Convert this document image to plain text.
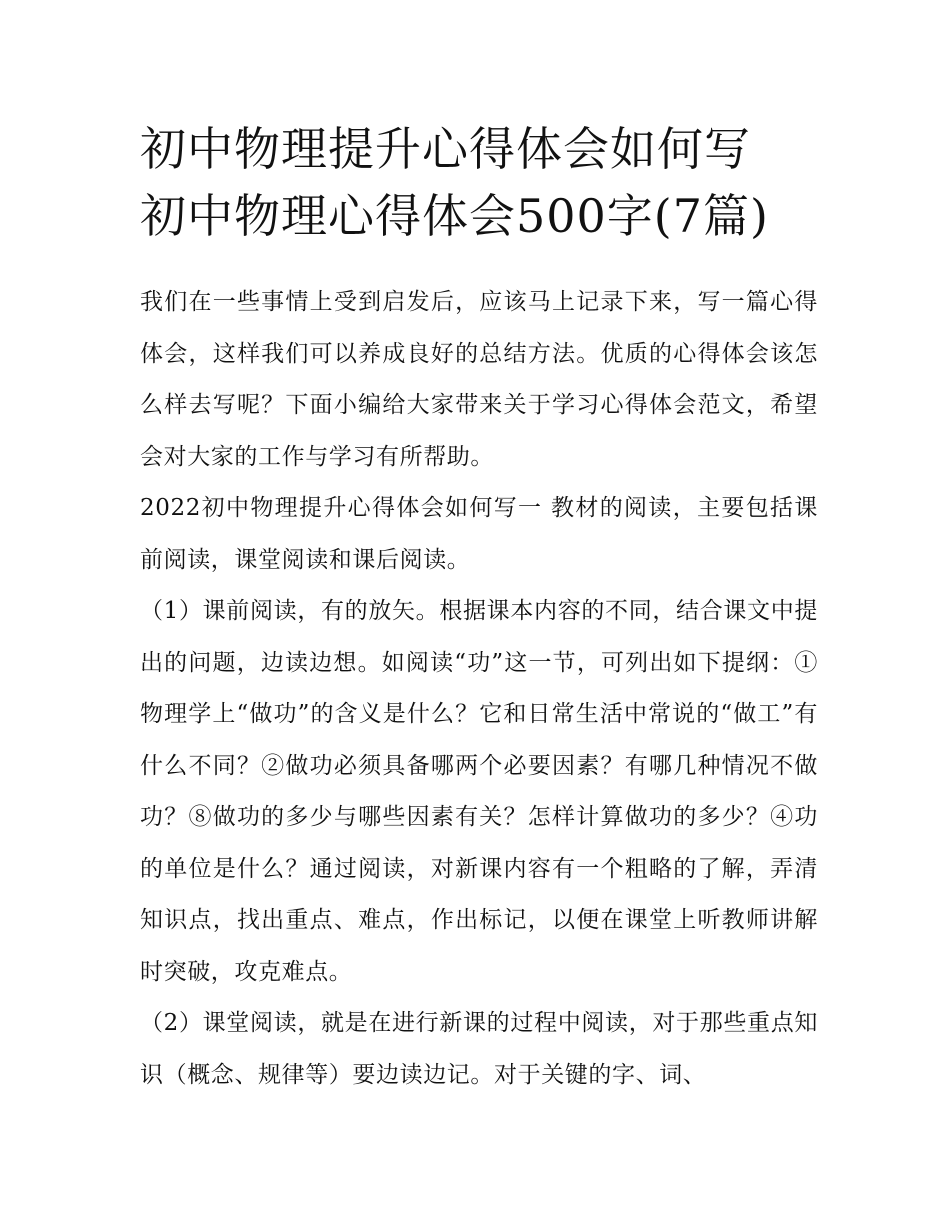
初中物理提升心得体会如何写
初中物理心得体会500字(7篇)

我们在一些事情上受到启发后，应该马上记录下来，写一篇心得体会，这样我们可以养成良好的总结方法。优质的心得体会该怎么样去写呢？下面小编给大家带来关于学习心得体会范文，希望会对大家的工作与学习有所帮助。

2022初中物理提升心得体会如何写一 教材的阅读，主要包括课前阅读，课堂阅读和课后阅读。

（1）课前阅读，有的放矢。根据课本内容的不同，结合课文中提出的问题，边读边想。如阅读“功”这一节，可列出如下提纲：①物理学上“做功”的含义是什么？它和日常生活中常说的“做工”有什么不同？②做功必须具备哪两个必要因素？有哪几种情况不做功？⑧做功的多少与哪些因素有关？怎样计算做功的多少？④功的单位是什么？通过阅读，对新课内容有一个粗略的了解，弄清知识点，找出重点、难点，作出标记，以便在课堂上听教师讲解时突破，攻克难点。

（2）课堂阅读，就是在进行新课的过程中阅读，对于那些重点知识（概念、规律等）要边读边记。对于关键的字、词、
